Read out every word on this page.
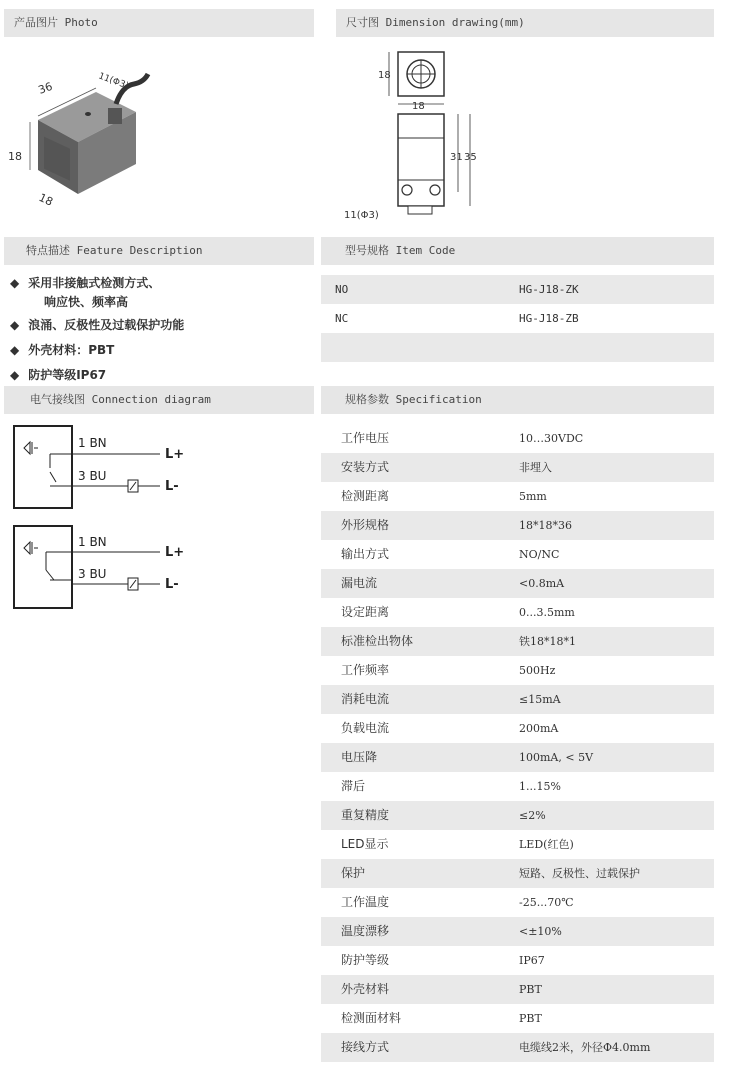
产品图片 Photo	尺寸图 Dimension drawing(mm)
特点描述 Feature Description	型号规格 Item Code
电气接线图 Connection diagram	规格参数 Specification
36	11(Φ3)
18
18
18
18
31 35
11(Φ3)
◆ 采用非接触式检测方式、
响应快、频率高
◆ 浪涌、反极性及过载保护功能
◆ 外壳材料：PBT
◆ 防护等级IP67
NO	HG-J18-ZK
NC	HG-J18-ZB
1 BN
3 BU
L+
L-
1 BN
3 BU
L+
L-
工作电压	10…30VDC
安装方式	非埋入
检测距离	5mm
外形规格	18*18*36
输出方式	NO/NC
漏电流	<0.8mA
设定距离	0...3.5mm
标准检出物体	铁18*18*1
工作频率	500Hz
消耗电流	≤15mA
负载电流	200mA
电压降	100mA, < 5V
滞后	1...15%
重复精度	≤2%
LED显示	LED(红色)
保护	短路、反极性、过载保护
工作温度	-25...70℃
温度漂移	<±10%
防护等级	IP67
外壳材料	PBT
检测面材料	PBT
接线方式	电缆线2米，外径Φ4.0mm
